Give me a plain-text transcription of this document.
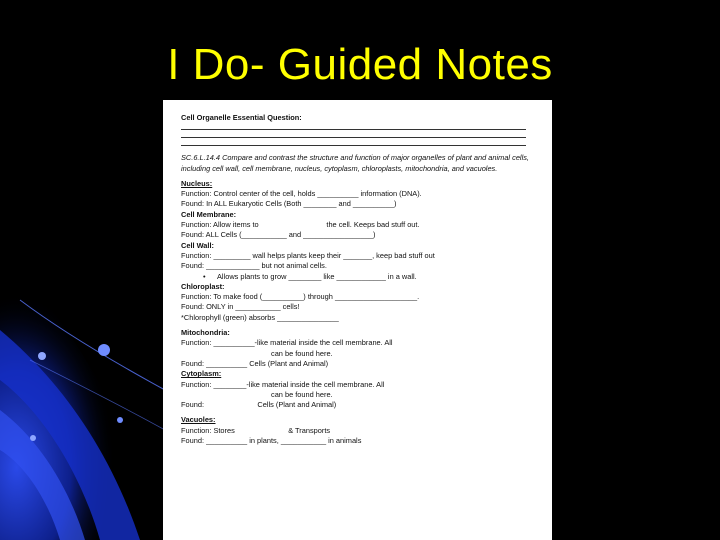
I Do- Guided Notes
Cell Organelle Essential Question:
SC.6.L.14.4 Compare and contrast the structure and function of major organelles of plant and animal cells, including cell wall, cell membrane, nucleus, cytoplasm, chloroplasts, mitochondria, and vacuoles.
Nucleus:
Function: Control center of the cell, holds __________ information (DNA).
Found: In ALL Eukaryotic Cells (Both ________ and __________)
Cell Membrane:
Function: Allow items to                                 the cell. Keeps bad stuff out.
Found: ALL Cells (___________ and _________________)
Cell Wall:
Function: _________ wall helps plants keep their _______, keep bad stuff out
Found: _____________ but not animal cells.
• Allows plants to grow ________ like ____________ in a wall.
Chloroplast:
Function: To make food (__________) through ____________________.
Found: ONLY in ___________ cells!
*Chlorophyll (green) absorbs _______________
Mitochondria:
Function: __________-like material inside the cell membrane. All
can be found here.
Found: __________ Cells (Plant and Animal)
Cytoplasm:
Function: ________-like material inside the cell membrane. All
can be found here.
Found:                          Cells (Plant and Animal)
Vacuoles:
Function: Stores                          & Transports
Found: __________ in plants, ___________ in animals
